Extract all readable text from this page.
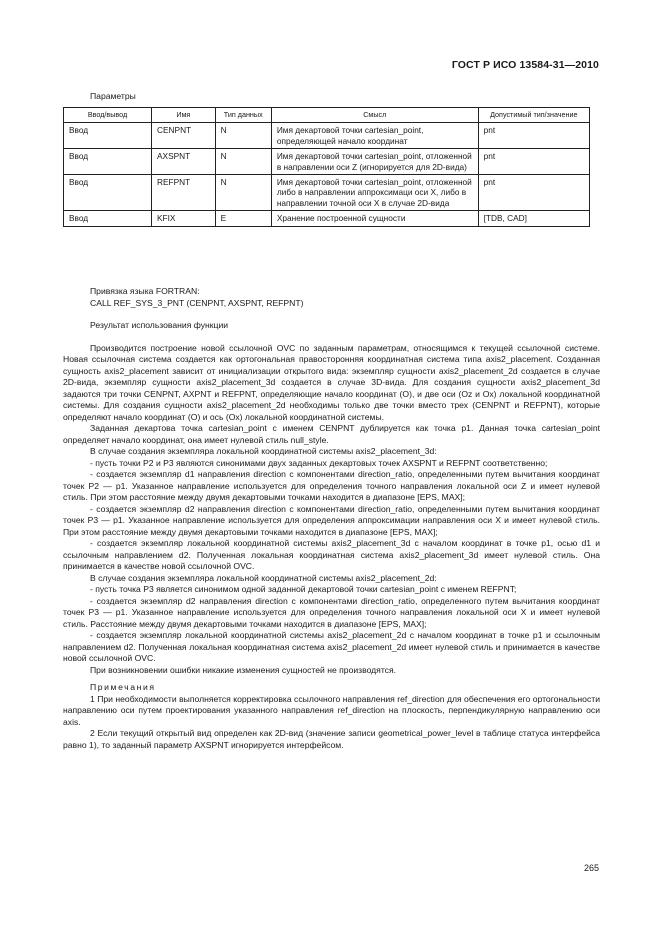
ГОСТ Р ИСО 13584-31—2010
Параметры
Ввод/вывод	Имя	Тип данных	Смысл	Допустимый тип/значение
Ввод	CENPNT	N	Имя декартовой точки cartesian_point, определяющей начало координат	pnt
Ввод	AXSPNT	N	Имя декартовой точки cartesian_point, отложенной в направлении оси Z (игнорируется для 2D-вида)	pnt
Ввод	REFPNT	N	Имя декартовой точки cartesian_point, отложенной либо в направлении аппроксимаци оси X, либо в направлении точной оси X в случае 2D-вида	pnt
Ввод	KFIX	E	Хранение построенной сущности	[TDB, CAD]

Привязка языка FORTRAN:

CALL REF_SYS_3_PNT (CENPNT, AXSPNT, REFPNT)

Результат использования функции

Производится построение новой ссылочной OVC по заданным параметрам, относящимся к текущей ссылочной системе. Новая ссылочная система создается как ортогональная правосторонняя координатная система типа axis2_placement. Созданная сущность axis2_placement зависит от инициализации открытого вида: экземпляр сущности axis2_placement_2d создается в случае 2D-вида, экземпляр сущности axis2_placement_3d создается в случае 3D-вида. Для создания сущности axis2_placement_3d задаются три точки CENPNT, AXPNT и REFPNT, определяющие начало координат (O), и две оси (Oz и Ox) локальной координатной системы. Для создания сущности axis2_placement_2d необходимы только две точки вместо трех (CENPNT и REFPNT), которые определяют начало координат (O) и ось (Ox) локальной координатной системы.

Заданная декартова точка cartesian_point с именем CENPNT дублируется как точка p1. Данная точка cartesian_point определяет начало координат, она имеет нулевой стиль null_style.

В случае создания экземпляра локальной координатной системы axis2_placement_3d:

- пусть точки P2 и P3 являются синонимами двух заданных декартовых точек AXSPNT и REFPNT соответственно;

- создается экземпляр d1 направления direction с компонентами direction_ratio, определенными путем вычитания координат точек P2 — p1. Указанное направление используется для определения точного направления локальной оси Z и имеет нулевой стиль. При этом расстояние между двумя декартовыми точками находится в диапазоне [EPS, MAX];

- создается экземпляр d2 направления direction с компонентами direction_ratio, определенными путем вычитания координат точек P3 — p1. Указанное направление используется для определения аппроксимации направления оси X и имеет нулевой стиль. При этом расстояние между двумя декартовыми точками находится в диапазоне [EPS, MAX];

- создается экземпляр локальной координатной системы axis2_placement_3d с началом координат в точке p1, осью d1 и ссылочным направлением d2. Полученная локальная координатная система axis2_placement_3d имеет нулевой стиль. Она принимается в качестве новой ссылочной OVC.

В случае создания экземпляра локальной координатной системы axis2_placement_2d:

- пусть точка P3 является синонимом одной заданной декартовой точки cartesian_point с именем REFPNT;

- создается экземпляр d2 направления direction с компонентами direction_ratio, определенного путем вычитания координат точек P3 — p1. Указанное направление используется для определения точного направления локальной оси X и имеет нулевой стиль. Расстояние между двумя декартовыми точками находится в диапазоне [EPS, MAX];

- создается экземпляр локальной координатной системы axis2_placement_2d с началом координат в точке p1 и ссылочным направлением d2. Полученная локальная координатная система axis2_placement_2d имеет нулевой стиль и принимается в качестве новой ссылочной OVC.

При возникновении ошибки никакие изменения сущностей не производятся.

Примечания

1 При необходимости выполняется корректировка ссылочного направления ref_direction для обеспечения его ортогональности направлению оси путем проектирования указанного направления ref_direction на плоскость, перпендикулярную направлению оси axis.

2 Если текущий открытый вид определен как 2D-вид (значение записи geometrical_power_level в таблице статуса интерфейса равно 1), то заданный параметр AXSPNT игнорируется интерфейсом.

265
